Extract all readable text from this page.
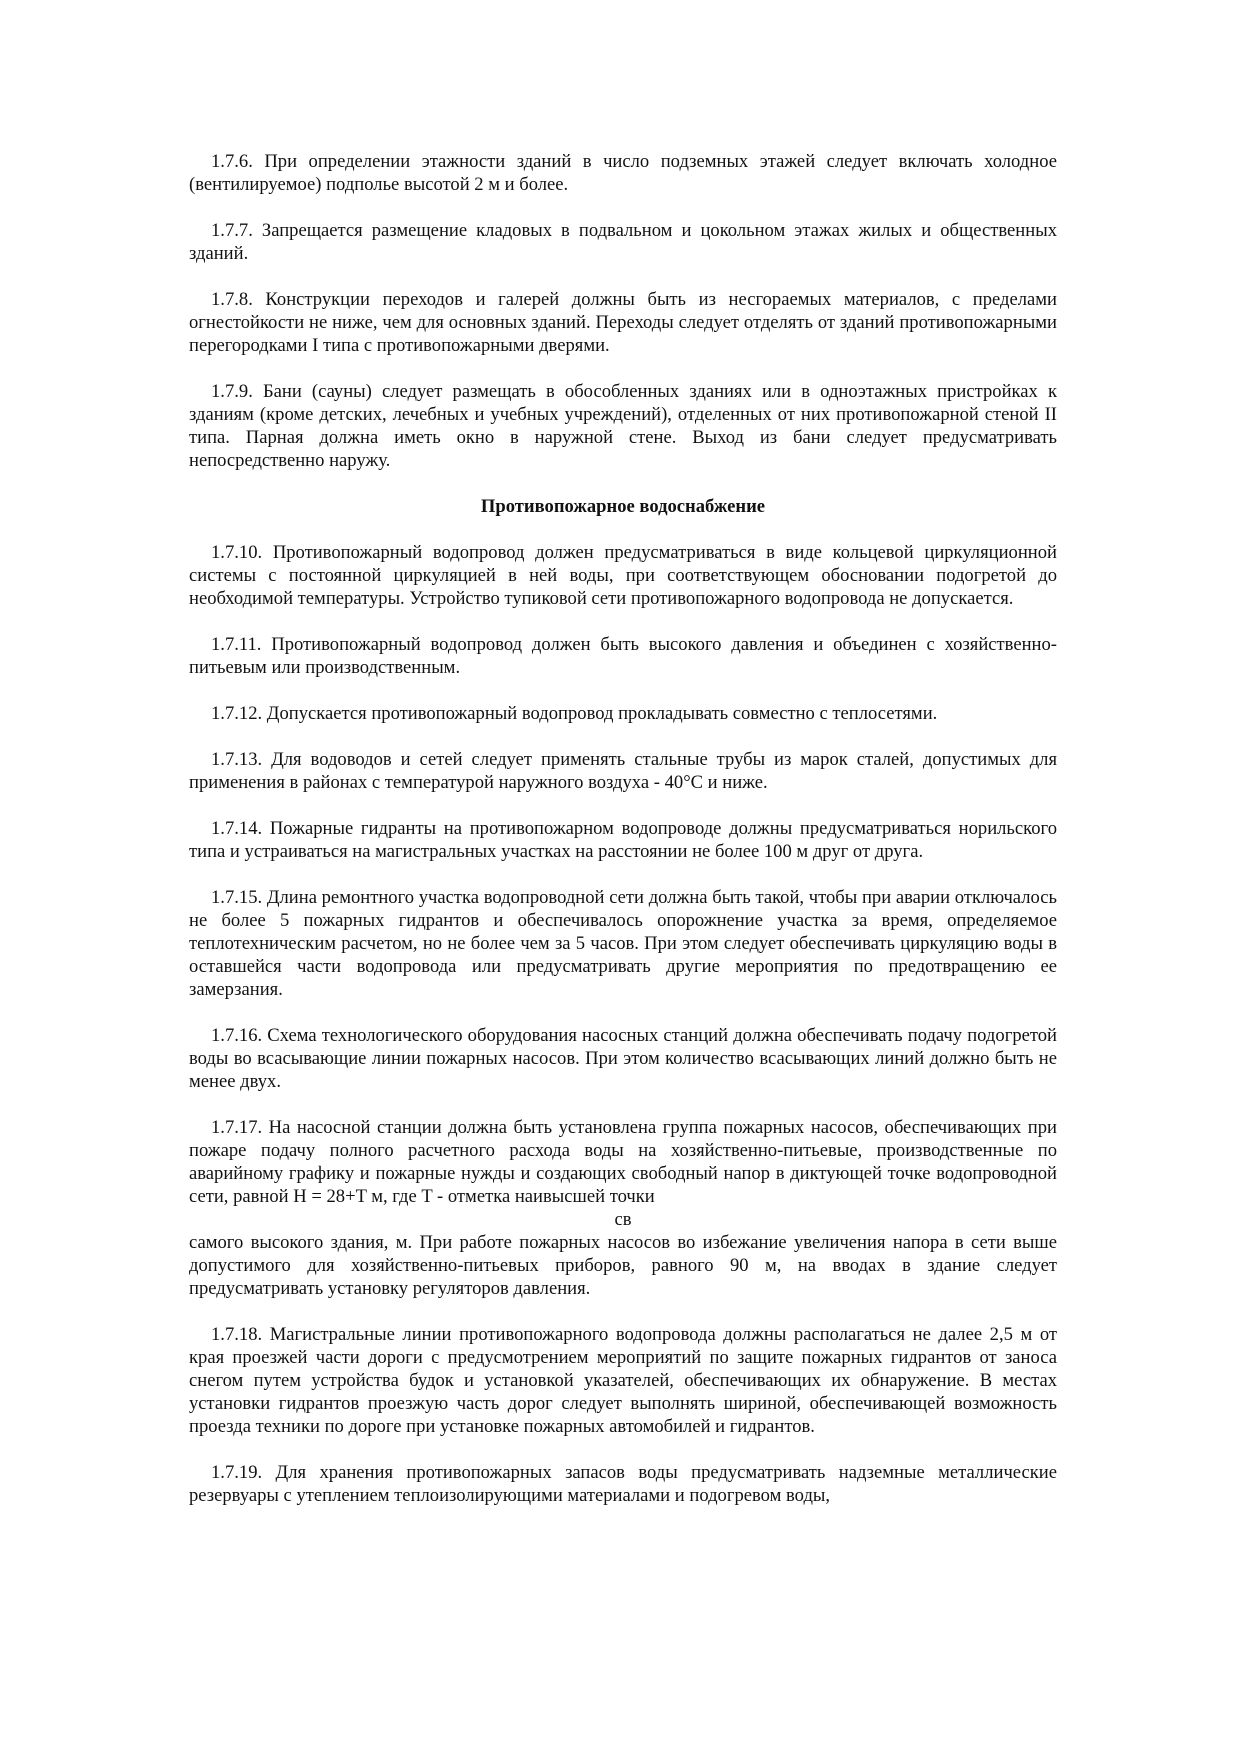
1.7.6. При определении этажности зданий в число подземных этажей следует включать холодное (вентилируемое) подполье высотой 2 м и более.

1.7.7. Запрещается размещение кладовых в подвальном и цокольном этажах жилых и общественных зданий.

1.7.8. Конструкции переходов и галерей должны быть из несгораемых материалов, с пределами огнестойкости не ниже, чем для основных зданий. Переходы следует отделять от зданий противопожарными перегородками I типа с противопожарными дверями.

1.7.9. Бани (сауны) следует размещать в обособленных зданиях или в одноэтажных пристройках к зданиям (кроме детских, лечебных и учебных учреждений), отделенных от них противопожарной стеной II типа. Парная должна иметь окно в наружной стене. Выход из бани следует предусматривать непосредственно наружу.

Противопожарное водоснабжение

1.7.10. Противопожарный водопровод должен предусматриваться в виде кольцевой циркуляционной системы с постоянной циркуляцией в ней воды, при соответствующем обосновании подогретой до необходимой температуры. Устройство тупиковой сети противопожарного водопровода не допускается.

1.7.11. Противопожарный водопровод должен быть высокого давления и объединен с хозяйственно-питьевым или производственным.

1.7.12. Допускается противопожарный водопровод прокладывать совместно с теплосетями.

1.7.13. Для водоводов и сетей следует применять стальные трубы из марок сталей, допустимых для применения в районах с температурой наружного воздуха - 40°С и ниже.

1.7.14. Пожарные гидранты на противопожарном водопроводе должны предусматриваться норильского типа и устраиваться на магистральных участках на расстоянии не более 100 м друг от друга.

1.7.15. Длина ремонтного участка водопроводной сети должна быть такой, чтобы при аварии отключалось не более 5 пожарных гидрантов и обеспечивалось опорожнение участка за время, определяемое теплотехническим расчетом, но не более чем за 5 часов. При этом следует обеспечивать циркуляцию воды в оставшейся части водопровода или предусматривать другие мероприятия по предотвращению ее замерзания.

1.7.16. Схема технологического оборудования насосных станций должна обеспечивать подачу подогретой воды во всасывающие линии пожарных насосов. При этом количество всасывающих линий должно быть не менее двух.

1.7.17. На насосной станции должна быть установлена группа пожарных насосов, обеспечивающих при пожаре подачу полного расчетного расхода воды на хозяйственно-питьевые, производственные по аварийному графику и пожарные нужды и создающих свободный напор в диктующей точке водопроводной сети, равной H = 28+T м, где T - отметка наивысшей точки

св

самого высокого здания, м. При работе пожарных насосов во избежание увеличения напора в сети выше допустимого для хозяйственно-питьевых приборов, равного 90 м, на вводах в здание следует предусматривать установку регуляторов давления.

1.7.18. Магистральные линии противопожарного водопровода должны располагаться не далее 2,5 м от края проезжей части дороги с предусмотрением мероприятий по защите пожарных гидрантов от заноса снегом путем устройства будок и установкой указателей, обеспечивающих их обнаружение. В местах установки гидрантов проезжую часть дорог следует выполнять шириной, обеспечивающей возможность проезда техники по дороге при установке пожарных автомобилей и гидрантов.

1.7.19. Для хранения противопожарных запасов воды предусматривать надземные металлические резервуары с утеплением теплоизолирующими материалами и подогревом воды,
